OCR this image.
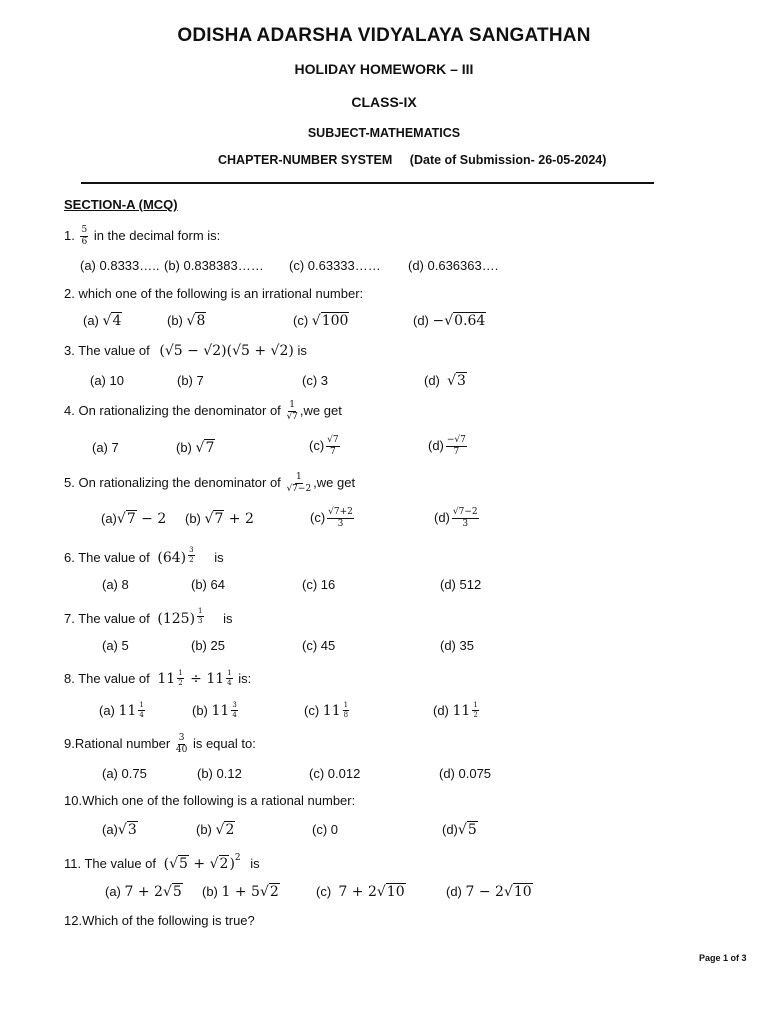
ODISHA ADARSHA VIDYALAYA SANGATHAN
HOLIDAY HOMEWORK – III
CLASS-IX
SUBJECT-MATHEMATICS
CHAPTER-NUMBER SYSTEM (Date of Submission- 26-05-2024)
SECTION-A (MCQ)
1. $\frac{5}{6}$ in the decimal form is:
(a) 0.8333….. (b) 0.838383…… (c) 0.63333…… (d) 0.636363….
2. which one of the following is an irrational number:
(a) √4	(b) √8	(c) √100	(d) −√0.64
3. The value of (√5 − √2)(√5 + √2) is
(a) 10	(b) 7	(c) 3	(d) √3
4. On rationalizing the denominator of $\frac{1}{√7} ,we$ get
(a) 7	(b) √7	$(c) \frac{√7}{7}$	$(d) \frac{-√7}{7}$
5. On rationalizing the denominator of $\frac{1}{√7-2} ,we$ get
(a)√7 − 2 (b) √7 + 2	$(c) \frac{√7+2}{3}$	$(d) \frac{√7-2}{3}$
6. The value of $(64) \frac{3}{2}$ is
(a) 8	(b) 64	(c) 16	(d) 512
7. The value of $(125) \frac{1}{3}$ is
(a) 5	(b) 25	(c) 45	(d) 35
8. The value of $11 \frac{1}{2} \div 11 \frac{1}{4}$ is:
(a) $11 \frac{1}{4}$	(b) $11 \frac{3}{4}$	(c) $11 \frac{1}{8}$	(d) $11 \frac{1}{2}$
9.Rational number $\frac{3}{40}$ is equal to:
(a) 0.75	(b) 0.12	(c) 0.012	(d) 0.075
10.Which one of the following is a rational number:
(a)√3	(b) √2	(c) 0	(d)√5
11. The value of $(√5 + √2)^2$ is
(a) 7 + 2√5 (b) 1 + 5√2	(c) 7 + 2√10	(d) 7 − 2√10
12.Which of the following is true?
Page 1 of 3
